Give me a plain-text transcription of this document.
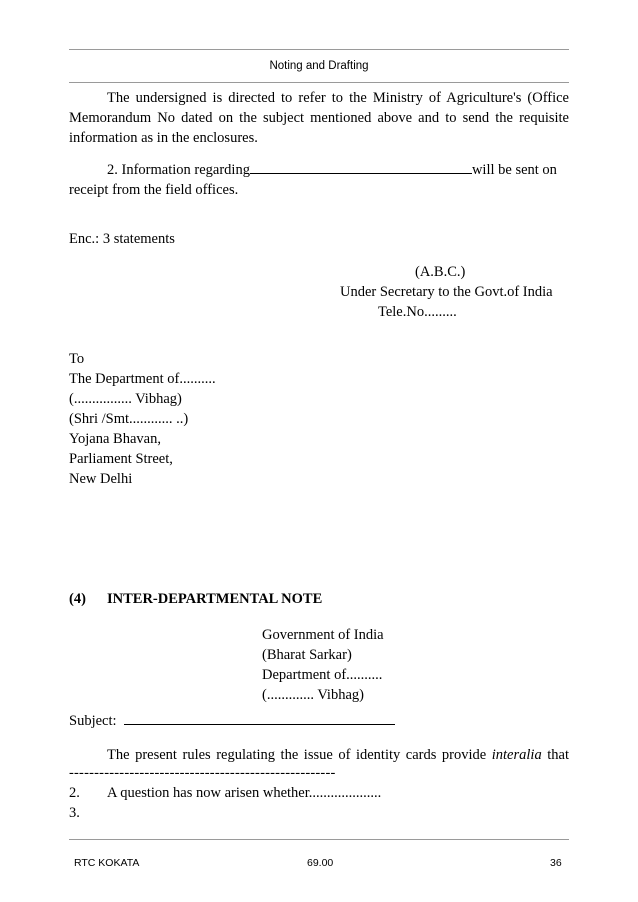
Noting and Drafting
The undersigned is directed to refer to the Ministry of Agriculture's (Office
Memorandum No dated on the subject mentioned above and to send the requisite
information as in the enclosures.
2. Information regarding	will be sent on
receipt from the field offices.
Enc.: 3 statements
(A.B.C.)
Under Secretary to the Govt.of India
Tele.No.........
To
The Department of..........
(................ Vibhag)
(Shri /Smt............ ..)
Yojana Bhavan,
Parliament Street,
New Delhi
(4) INTER-DEPARTMENTAL NOTE
Government of India
(Bharat Sarkar)
Department of..........
(............. Vibhag)
Subject:
The present rules regulating the issue of identity cards provide interalia that
-----------------------------------------------------
2. A question has now arisen whether....................
3.
RTC KOKATA	69.00	36
